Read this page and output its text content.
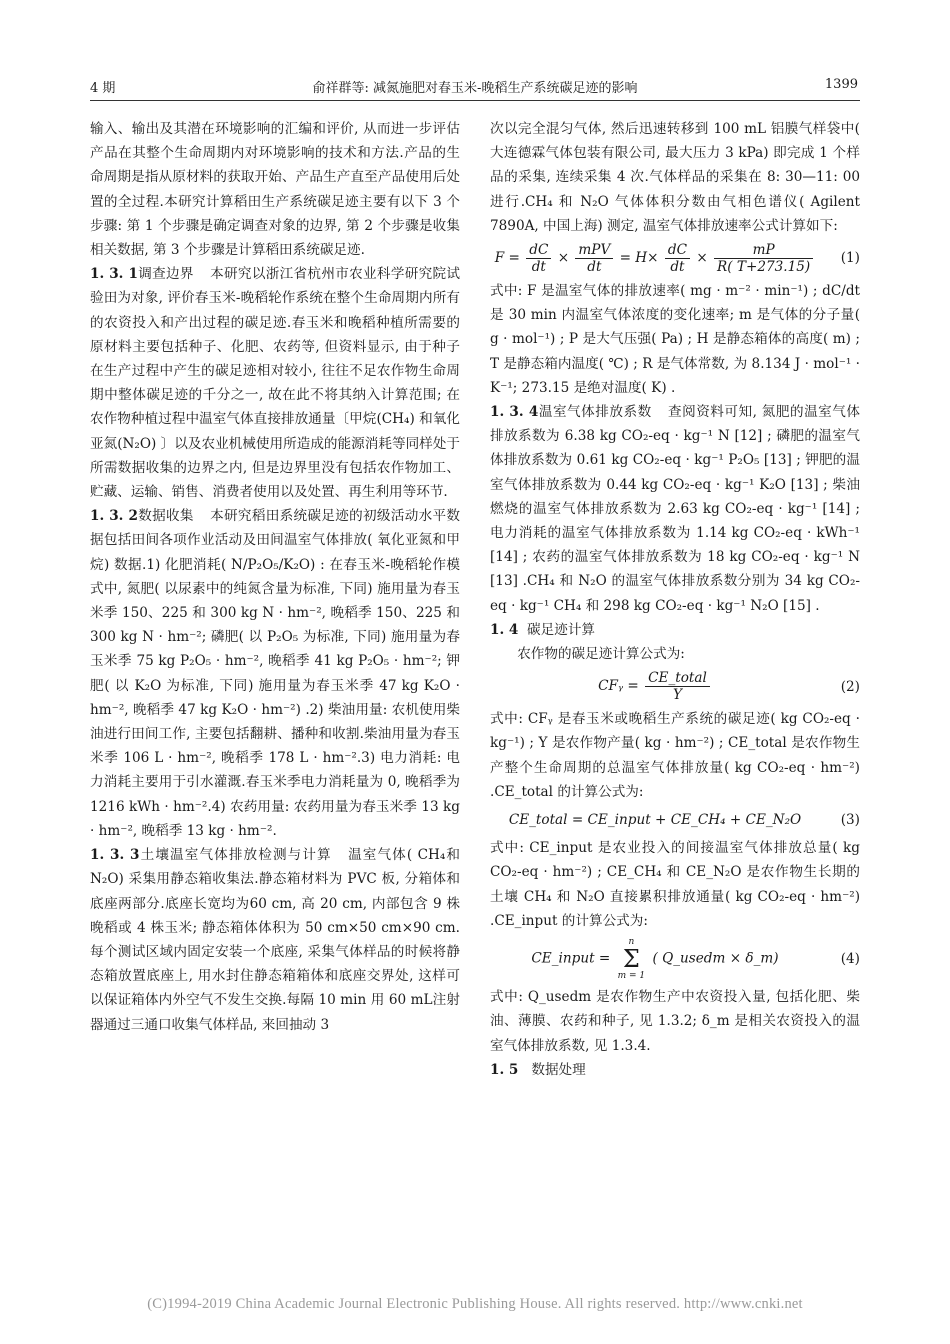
4 期	俞祥群等: 减氮施肥对春玉米-晚稻生产系统碳足迹的影响	1399

输入、输出及其潜在环境影响的汇编和评价, 从而进一步评估产品在其整个生命周期内对环境影响的技术和方法.产品的生命周期是指从原材料的获取开始、产品生产直至产品使用后处置的全过程.本研究计算稻田生产系统碳足迹主要有以下 3 个步骤: 第 1 个步骤是确定调查对象的边界, 第 2 个步骤是收集相关数据, 第 3 个步骤是计算稻田系统碳足迹.

1. 3. 1调查边界 本研究以浙江省杭州市农业科学研究院试验田为对象, 评价春玉米-晚稻轮作系统在整个生命周期内所有的农资投入和产出过程的碳足迹.春玉米和晚稻种植所需要的原材料主要包括种子、化肥、农药等, 但资料显示, 由于种子在生产过程中产生的碳足迹相对较小, 往往不足农作物生命周期中整体碳足迹的千分之一, 故在此不将其纳入计算范围; 在农作物种植过程中温室气体直接排放通量〔甲烷(CH₄) 和氧化亚氮(N₂O) 〕以及农业机械使用所造成的能源消耗等同样处于所需数据收集的边界之内, 但是边界里没有包括农作物加工、贮藏、运输、销售、消费者使用以及处置、再生利用等环节.

1. 3. 2数据收集 本研究稻田系统碳足迹的初级活动水平数据包括田间各项作业活动及田间温室气体排放( 氧化亚氮和甲烷) 数据.1) 化肥消耗( N/P₂O₅/K₂O) : 在春玉米-晚稻轮作模式中, 氮肥( 以尿素中的纯氮含量为标准, 下同) 施用量为春玉米季 150、225 和 300 kg N · hm⁻², 晚稻季 150、225 和 300 kg N · hm⁻²; 磷肥( 以 P₂O₅ 为标准, 下同) 施用量为春玉米季 75 kg P₂O₅ · hm⁻², 晚稻季 41 kg P₂O₅ · hm⁻²; 钾肥( 以 K₂O 为标准, 下同) 施用量为春玉米季 47 kg K₂O · hm⁻², 晚稻季 47 kg K₂O · hm⁻²) .2) 柴油用量: 农机使用柴油进行田间工作, 主要包括翻耕、播种和收割.柴油用量为春玉米季 106 L · hm⁻², 晚稻季 178 L · hm⁻².3) 电力消耗: 电力消耗主要用于引水灌溉.春玉米季电力消耗量为 0, 晚稻季为 1216 kWh · hm⁻².4) 农药用量: 农药用量为春玉米季 13 kg · hm⁻², 晚稻季 13 kg · hm⁻².

1. 3. 3土壤温室气体排放检测与计算 温室气体( CH₄和 N₂O) 采集用静态箱收集法.静态箱材料为 PVC 板, 分箱体和底座两部分.底座长宽均为60 cm, 高 20 cm, 内部包含 9 株晚稻或 4 株玉米; 静态箱体体积为 50 cm×50 cm×90 cm.每个测试区域内固定安装一个底座, 采集气体样品的时候将静态箱放置底座上, 用水封住静态箱箱体和底座交界处, 这样可以保证箱体内外空气不发生交换.每隔 10 min 用 60 mL注射器通过三通口收集气体样品, 来回抽动 3

次以完全混匀气体, 然后迅速转移到 100 mL 铝膜气样袋中( 大连德霖气体包装有限公司, 最大压力 3 kPa) 即完成 1 个样品的采集, 连续采集 4 次.气体样品的采集在 8: 30—11: 00 进行.CH₄ 和 N₂O 气体体积分数由气相色谱仪( Agilent 7890A, 中国上海) 测定, 温室气体排放速率公式计算如下:

$F = \frac{dC}{dt} \times \frac{\text{mPV}}{dt} = H\times \frac{dC}{dt} \times \frac{mP}{R( T+273.15)}$	(1)

式中: F 是温室气体的排放速率( mg · m⁻² · min⁻¹) ; dC/dt 是 30 min 内温室气体浓度的变化速率; m 是气体的分子量( g · mol⁻¹) ; P 是大气压强( Pa) ; H 是静态箱体的高度( m) ; T 是静态箱内温度( ℃) ; R 是气体常数, 为 8.134 J · mol⁻¹ · K⁻¹; 273.15 是绝对温度( K) .

1. 3. 4温室气体排放系数 查阅资料可知, 氮肥的温室气体排放系数为 6.38 kg CO₂-eq · kg⁻¹ N [12] ; 磷肥的温室气体排放系数为 0.61 kg CO₂-eq · kg⁻¹ P₂O₅ [13] ; 钾肥的温室气体排放系数为 0.44 kg CO₂-eq · kg⁻¹ K₂O [13] ; 柴油燃烧的温室气体排放系数为 2.63 kg CO₂-eq · kg⁻¹ [14] ; 电力消耗的温室气体排放系数为 1.14 kg CO₂-eq · kWh⁻¹ [14] ; 农药的温室气体排放系数为 18 kg CO₂-eq · kg⁻¹ N [13] .CH₄ 和 N₂O 的温室气体排放系数分别为 34 kg CO₂-eq · kg⁻¹ CH₄ 和 298 kg CO₂-eq · kg⁻¹ N₂O [15] .

1. 4 碳足迹计算

农作物的碳足迹计算公式为:

CFᵧ = $\frac{\text{CE\_total}}{Y}$	(2)

式中: CFᵧ 是春玉米或晚稻生产系统的碳足迹( kg CO₂-eq · kg⁻¹) ; Y 是农作物产量( kg · hm⁻²) ; CE_total 是农作物生产整个生命周期的总温室气体排放量( kg CO₂-eq · hm⁻²) .CE_total 的计算公式为:

CE_total = CE_input + CE_CH₄ + CE_N₂O	(3)

式中: CE_input 是农业投入的间接温室气体排放总量( kg CO₂-eq · hm⁻²) ; CE_CH₄ 和 CE_N₂O 是农作物生长期的土壤 CH₄ 和 N₂O 直接累积排放通量( kg CO₂-eq · hm⁻²) .CE_input 的计算公式为:

CE_input =
n
Σ
m = 1
( Q_usedm × δ_m)	(4)

式中: Q_usedm 是农作物生产中农资投入量, 包括化肥、柴油、薄膜、农药和种子, 见 1.3.2; δ_m 是相关农资投入的温室气体排放系数, 见 1.3.4.

1. 5 数据处理

(C)1994-2019 China Academic Journal Electronic Publishing House. All rights reserved. http://www.cnki.net
